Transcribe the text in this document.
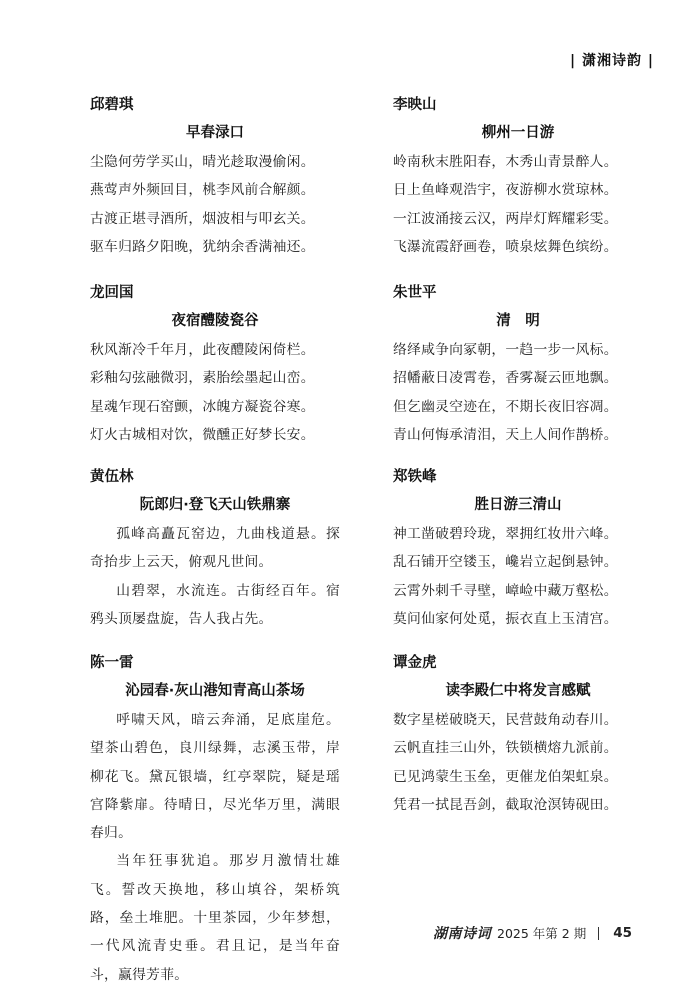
| 潇湘诗韵 |
邱碧琪
早春渌口
尘隐何劳学买山，晴光趁取漫偷闲。
燕莺声外频回目，桃李风前合解颜。
古渡正堪寻酒所，烟波相与叩玄关。
驱车归路夕阳晚，犹纳余香满袖还。
龙回国
夜宿醴陵瓷谷
秋风渐冷千年月，此夜醴陵闲倚栏。
彩釉勾弦融微羽，素胎绘墨起山峦。
星魂乍现石窑颤，冰魄方凝瓷谷寒。
灯火古城相对饮，微醺正好梦长安。
黄伍林
阮郎归·登飞天山铁鼎寨
孤峰高矗瓦窑边，九曲栈道悬。探奇抬步上云天，俯观凡世间。
山碧翠，水流连。古街经百年。宿鸦头顶屡盘旋，告人我占先。
陈一雷
沁园春·灰山港知青高山茶场
呼啸天风，暗云奔涌，足底崖危。望茶山碧色，良川绿舞，志溪玉带，岸柳花飞。黛瓦银墙，红亭翠院，疑是瑶宫降紫扉。待晴日，尽光华万里，满眼春归。
当年狂事犹追。那岁月激情壮雄飞。誓改天换地，移山填谷，架桥筑路，垒土堆肥。十里茶园，少年梦想，一代风流青史垂。君且记，是当年奋斗，赢得芳菲。
李映山
柳州一日游
岭南秋末胜阳春，木秀山青景醉人。
日上鱼峰观浩宇，夜游柳水赏琼林。
一江波涌接云汉，两岸灯辉耀彩雯。
飞瀑流霞舒画卷，喷泉炫舞色缤纷。
朱世平
清　明
络绎咸争向冢朝，一趋一步一风标。
招幡蔽日凌霄卷，香雾凝云匝地飘。
但乞幽灵空迹在，不期长夜旧容凋。
青山何悔承清泪，天上人间作鹊桥。
郑铁峰
胜日游三清山
神工凿破碧玲珑，翠拥红妆卅六峰。
乱石铺开空镂玉，巉岩立起倒悬钟。
云霄外刺千寻壁，嶂崄中藏万壑松。
莫问仙家何处觅，振衣直上玉清宫。
谭金虎
读李殿仁中将发言感赋
数字星槎破晓天，民营鼓角动春川。
云帆直挂三山外，铁锁横熔九派前。
已见鸿蒙生玉垒，更催龙伯架虹泉。
凭君一拭昆吾剑，截取沧溟铸砚田。
湖南诗词 2025 年第 2 期 45
